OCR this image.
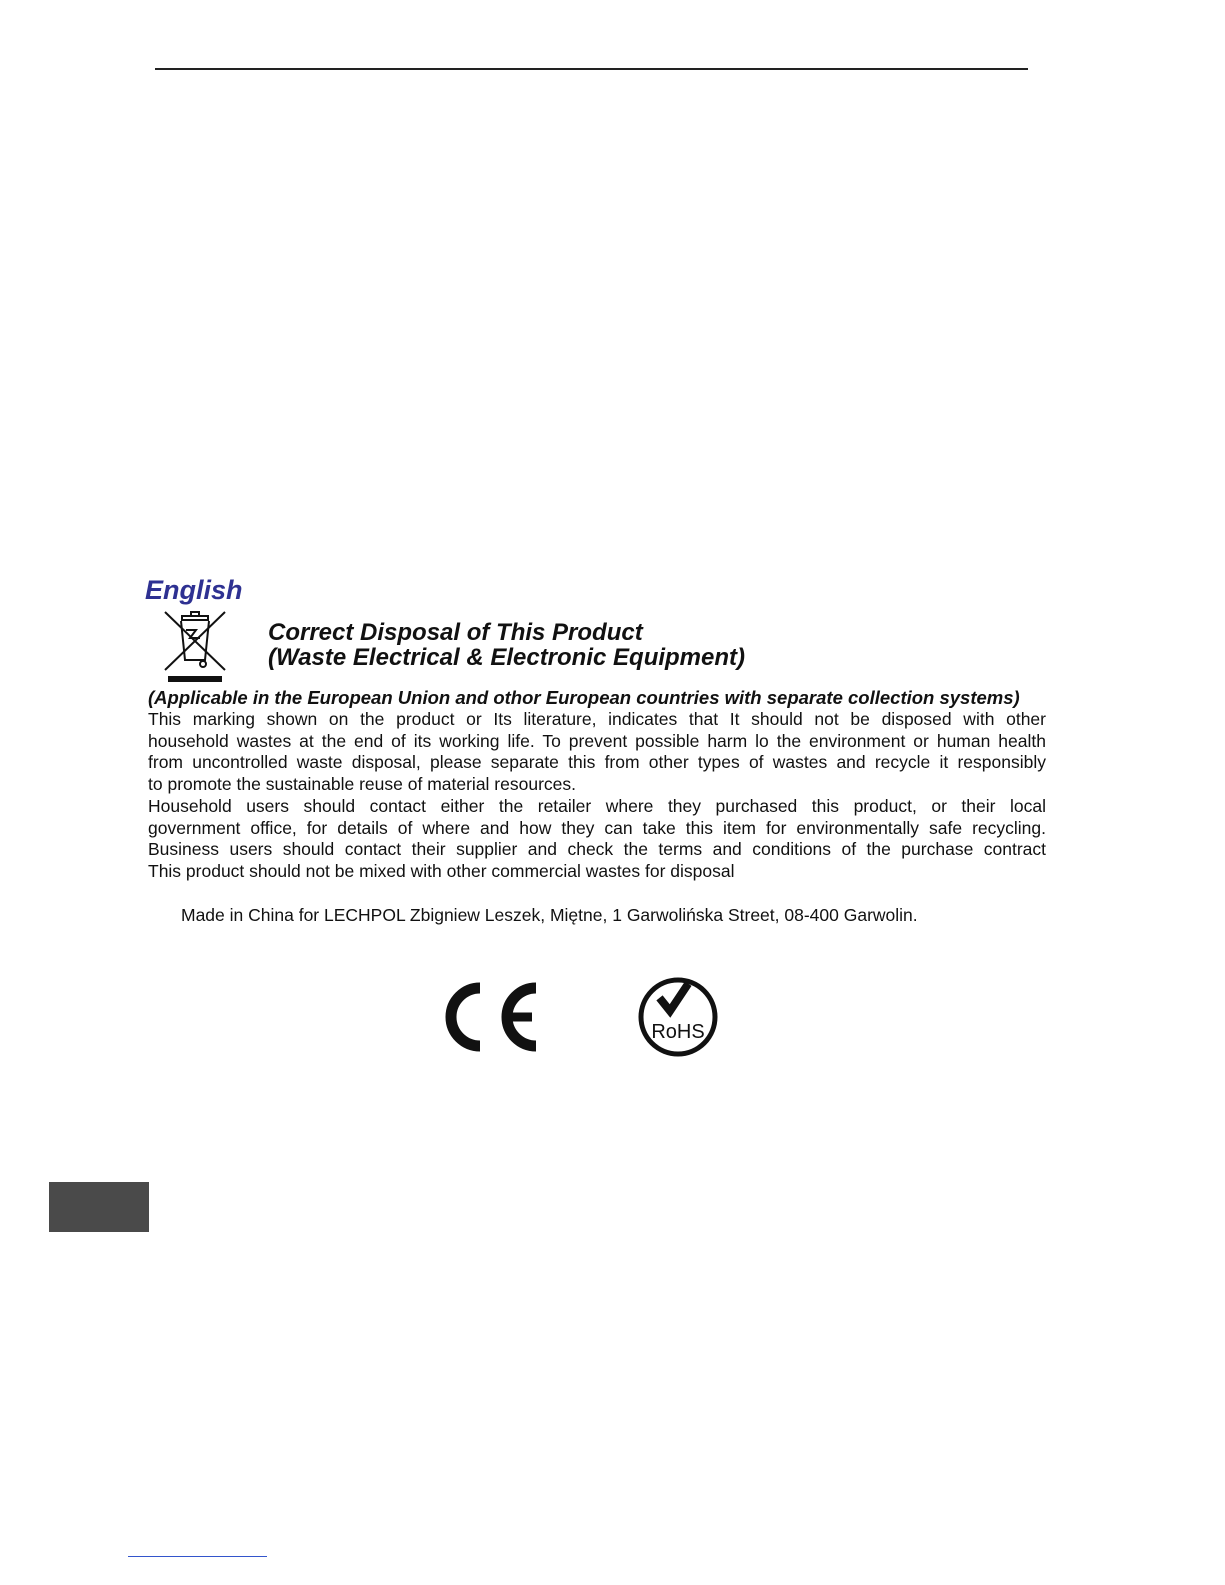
English
Correct Disposal of This Product
(Waste Electrical & Electronic Equipment)
(Applicable in the European Union and othor European countries with separate collection systems)
This marking shown on the product or Its literature, indicates that It should not be disposed with other
household wastes at the end of its working life. To prevent possible harm lo the environment or human health
from uncontrolled waste disposal, please separate this from other types of wastes and recycle it responsibly
to promote the sustainable reuse of material resources.
Household users should contact either the retailer where they purchased this product, or their local
government office, for details of where and how they can take this item for environmentally safe recycling.
Business users should contact their supplier and check the terms and conditions of the purchase contract
This product should not be mixed with other commercial wastes for disposal
Made in China for LECHPOL Zbigniew Leszek, Miętne, 1 Garwolińska Street, 08-400 Garwolin.
RoHS
